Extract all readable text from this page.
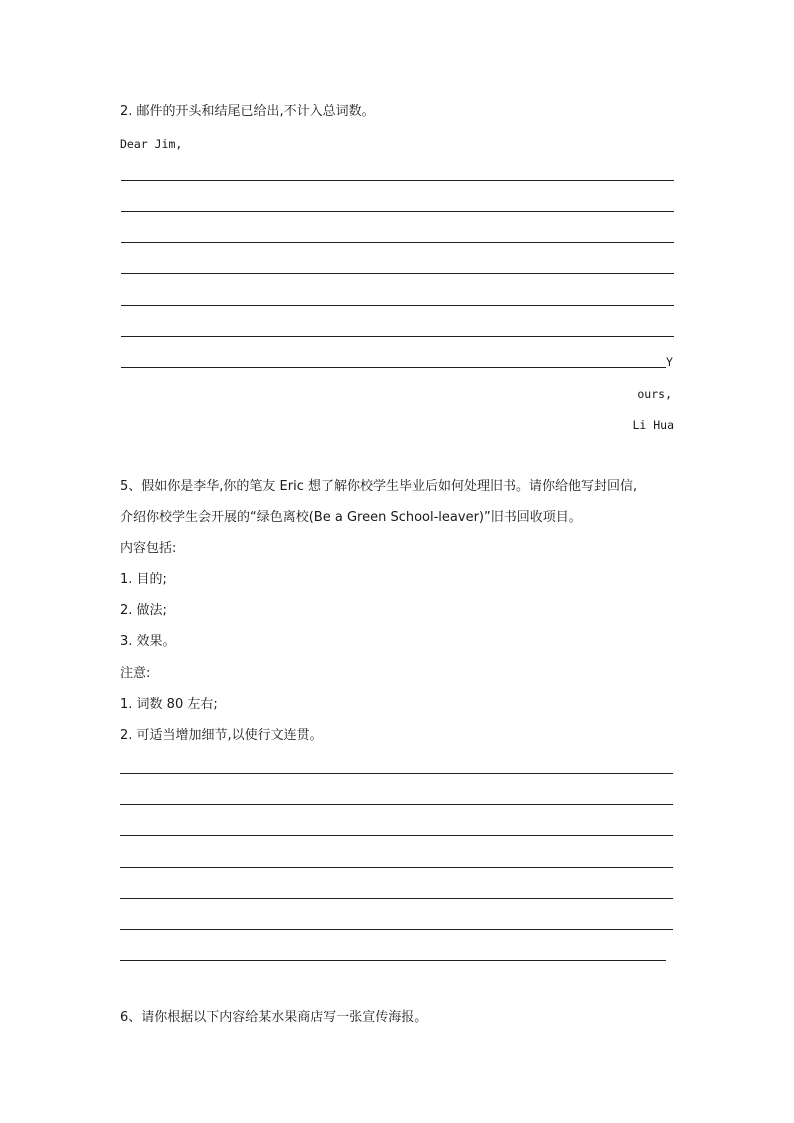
2. 邮件的开头和结尾已给出,不计入总词数。
Dear Jim,
Y
ours,
Li Hua
5、假如你是李华,你的笔友 Eric 想了解你校学生毕业后如何处理旧书。请你给他写封回信,
介绍你校学生会开展的“绿色离校(Be a Green School-leaver)”旧书回收项目。
内容包括:
1. 目的;
2. 做法;
3. 效果。
注意:
1. 词数 80 左右;
2. 可适当增加细节,以使行文连贯。
6、请你根据以下内容给某水果商店写一张宣传海报。
